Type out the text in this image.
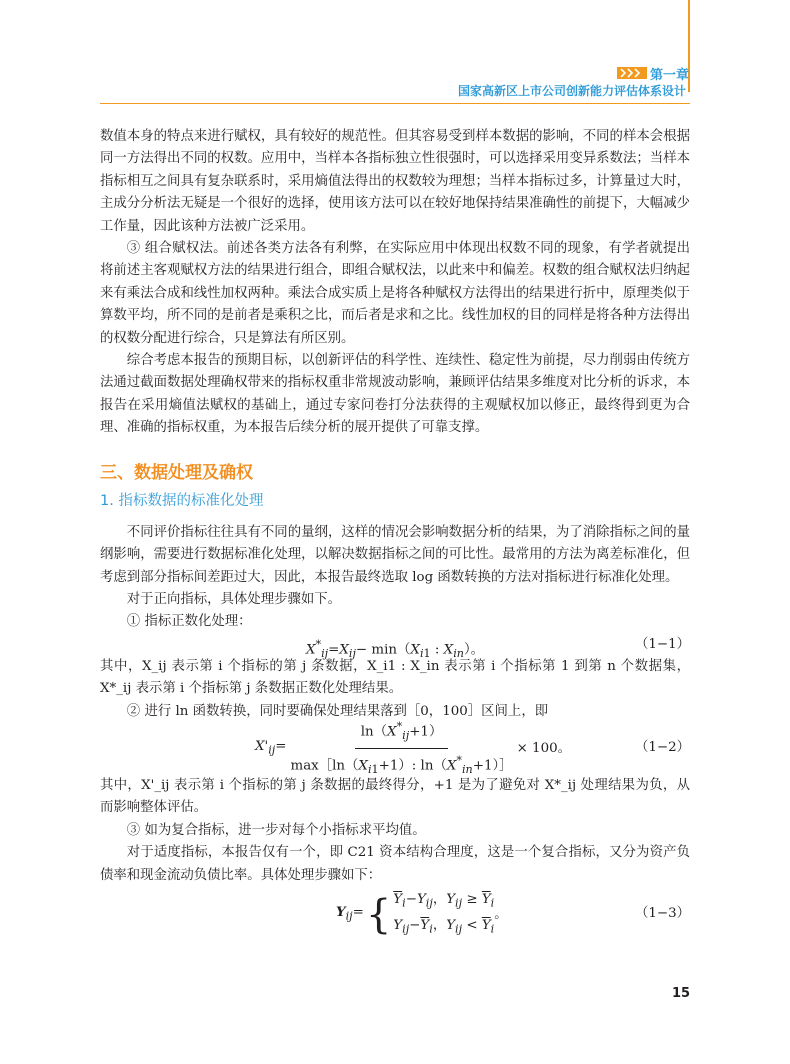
第一章
国家高新区上市公司创新能力评估体系设计

数值本身的特点来进行赋权，具有较好的规范性。但其容易受到样本数据的影响，不同的样本会根据同一方法得出不同的权数。应用中，当样本各指标独立性很强时，可以选择采用变异系数法；当样本指标相互之间具有复杂联系时，采用熵值法得出的权数较为理想；当样本指标过多，计算量过大时，主成分分析法无疑是一个很好的选择，使用该方法可以在较好地保持结果准确性的前提下，大幅减少工作量，因此该种方法被广泛采用。

③ 组合赋权法。前述各类方法各有利弊，在实际应用中体现出权数不同的现象，有学者就提出将前述主客观赋权方法的结果进行组合，即组合赋权法，以此来中和偏差。权数的组合赋权法归纳起来有乘法合成和线性加权两种。乘法合成实质上是将各种赋权方法得出的结果进行折中，原理类似于算数平均，所不同的是前者是乘积之比，而后者是求和之比。线性加权的目的同样是将各种方法得出的权数分配进行综合，只是算法有所区别。

综合考虑本报告的预期目标，以创新评估的科学性、连续性、稳定性为前提，尽力削弱由传统方法通过截面数据处理确权带来的指标权重非常规波动影响，兼顾评估结果多维度对比分析的诉求，本报告在采用熵值法赋权的基础上，通过专家问卷打分法获得的主观赋权加以修正，最终得到更为合理、准确的指标权重，为本报告后续分析的展开提供了可靠支撑。

三、数据处理及确权
1. 指标数据的标准化处理

不同评价指标往往具有不同的量纲，这样的情况会影响数据分析的结果，为了消除指标之间的量纲影响，需要进行数据标准化处理，以解决数据指标之间的可比性。最常用的方法为离差标准化，但考虑到部分指标间差距过大，因此，本报告最终选取 log 函数转换的方法对指标进行标准化处理。

对于正向指标，具体处理步骤如下。

① 指标正数化处理：

$X^*_{ij}=X_{ij}- \min(X_{i1}$ : $X_{in}$）。	（1−1）

其中，X_ij 表示第 i 个指标的第 j 条数据，X_i1 : X_in 表示第 i 个指标第 1 到第 n 个数据集，X*_ij 表示第 i 个指标第 j 条数据正数化处理结果。

② 进行 ln 函数转换，同时要确保处理结果落到［0，100］区间上，即

$X'_{ij}= \frac{\ln(X^*_{ij}+1)}{\max[\ln(X_{i1}+1): \ln(X^*_{in}+1)]} \times 100$。	（1−2）

其中，X'_ij 表示第 i 个指标的第 j 条数据的最终得分，+1 是为了避免对 X*_ij 处理结果为负，从而影响整体评估。

③ 如为复合指标，进一步对每个小指标求平均值。

对于适度指标，本报告仅有一个，即 C21 资本结构合理度，这是一个复合指标，又分为资产负债率和现金流动负债比率。具体处理步骤如下：

$Y_{ij}=$ { $\overline{Y}_i-Y_{ij}$，$Y_{ij} \ge \overline{Y}_i$
$Y_{ij}-\overline{Y}_i$，$Y_{ij} < \overline{Y}_i$
。	（1−3）
15
